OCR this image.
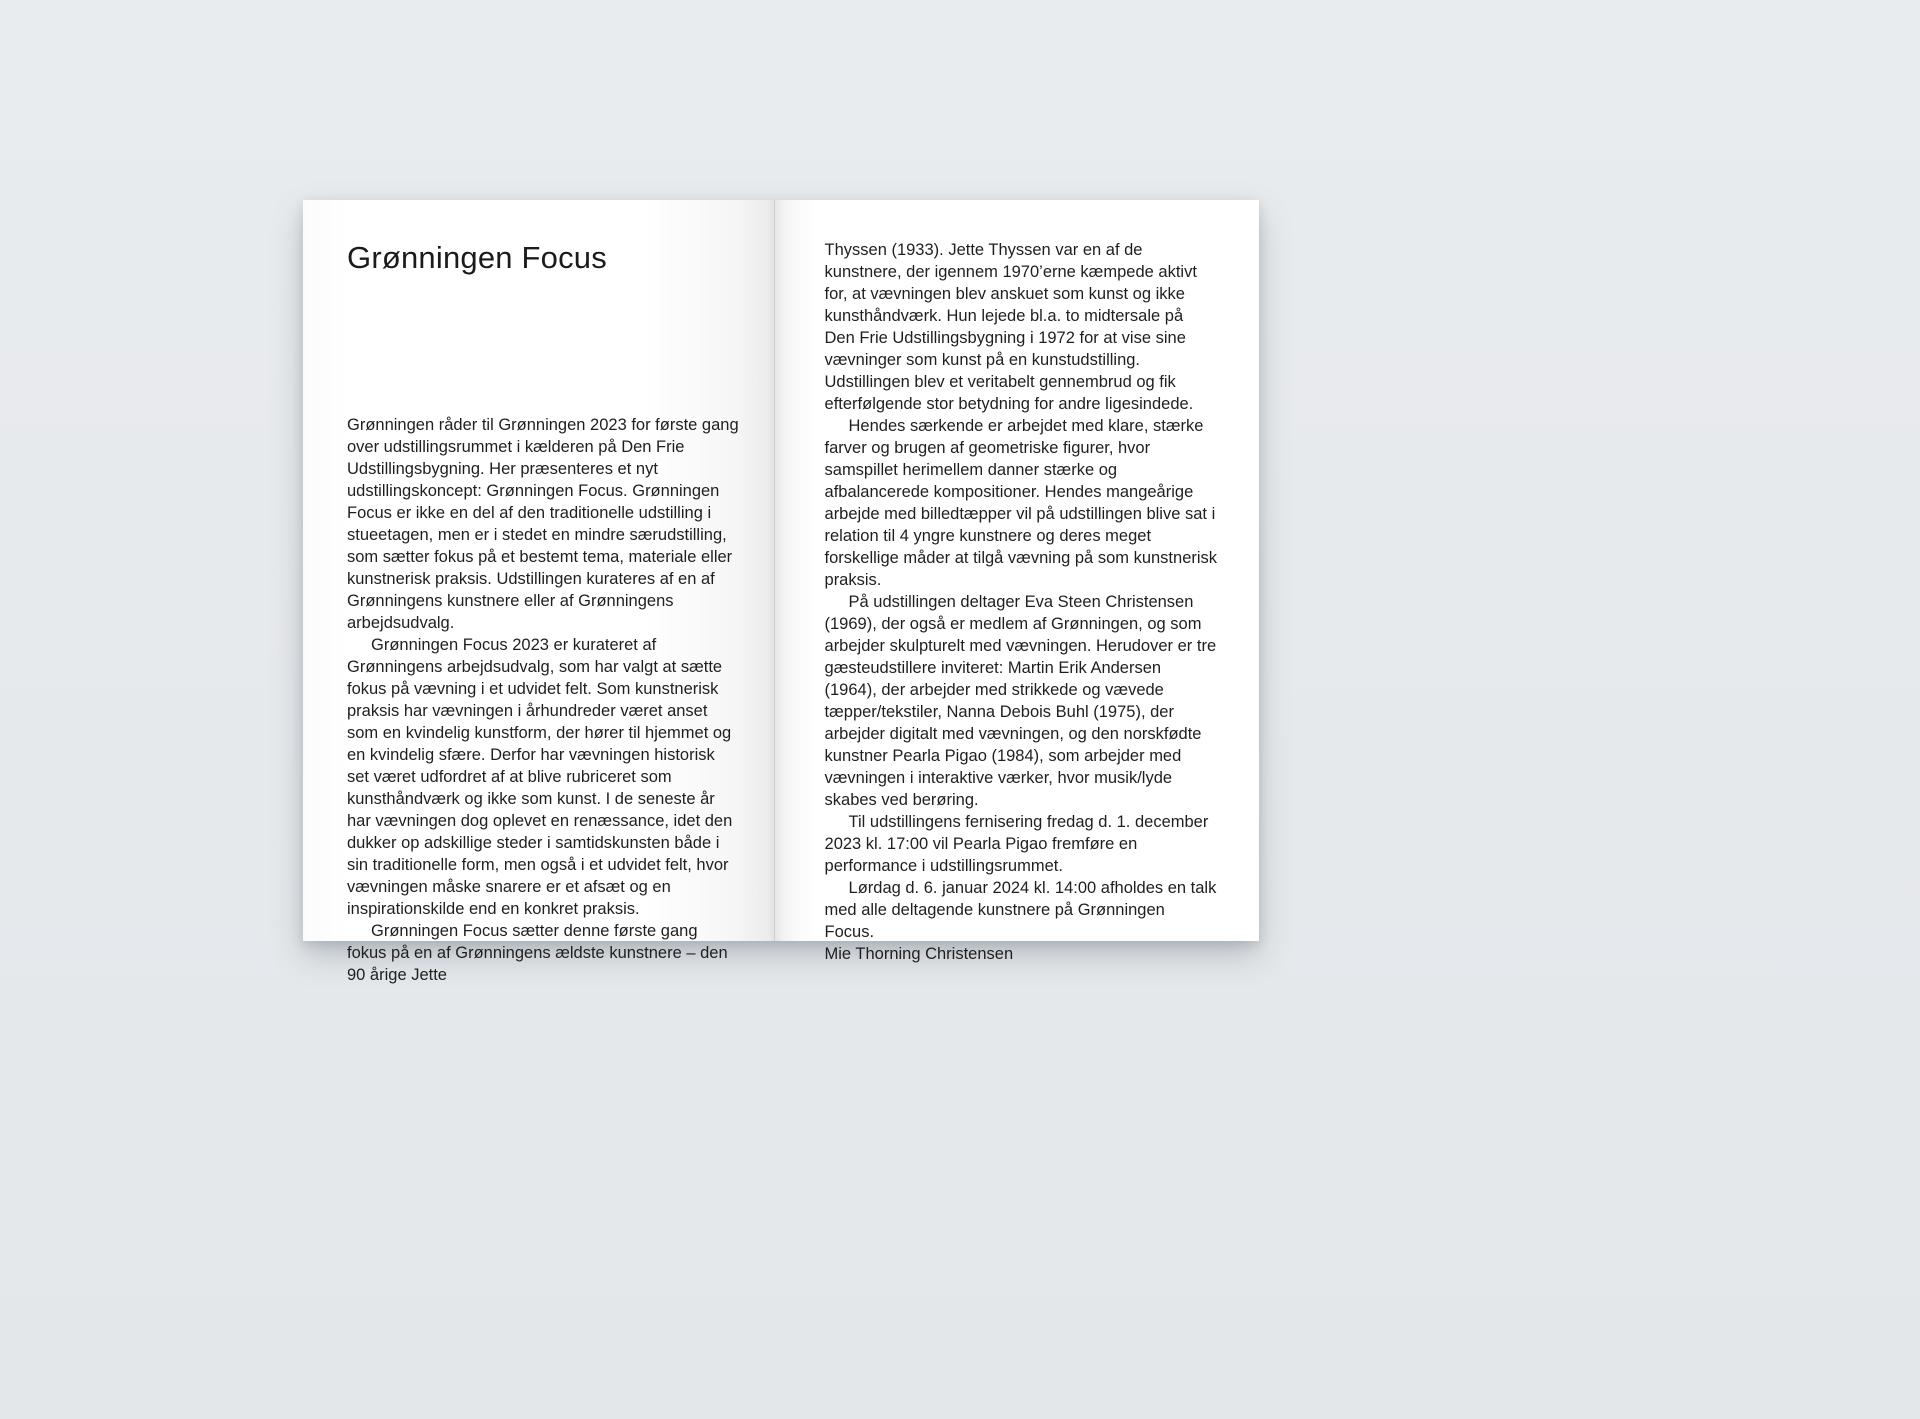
Grønningen Focus

Grønningen råder til Grønningen 2023 for første gang over udstillingsrummet i kælderen på Den Frie Udstillingsbygning. Her præsenteres et nyt udstillingskoncept: Grønningen Focus. Grønningen Focus er ikke en del af den traditionelle udstilling i stueetagen, men er i stedet en mindre særudstilling, som sætter fokus på et bestemt tema, materiale eller kunstnerisk praksis. Udstillingen kurateres af en af Grønningens kunstnere eller af Grønningens arbejdsudvalg.

Grønningen Focus 2023 er kurateret af Grønningens arbejdsudvalg, som har valgt at sætte fokus på vævning i et udvidet felt. Som kunstnerisk praksis har vævningen i århundreder været anset som en kvindelig kunstform, der hører til hjemmet og en kvindelig sfære. Derfor har vævningen historisk set været udfordret af at blive rubriceret som kunsthåndværk og ikke som kunst. I de seneste år har vævningen dog oplevet en renæssance, idet den dukker op adskillige steder i samtidskunsten både i sin traditionelle form, men også i et udvidet felt, hvor vævningen måske snarere er et afsæt og en inspirationskilde end en konkret praksis.

Grønningen Focus sætter denne første gang fokus på en af Grønningens ældste kunstnere – den 90 årige Jette

Thyssen (1933). Jette Thyssen var en af de kunstnere, der igennem 1970’erne kæmpede aktivt for, at vævningen blev anskuet som kunst og ikke kunsthåndværk. Hun lejede bl.a. to midtersale på Den Frie Udstillingsbygning i 1972 for at vise sine vævninger som kunst på en kunstudstilling. Udstillingen blev et veritabelt gennembrud og fik efterfølgende stor betydning for andre ligesindede.

Hendes særkende er arbejdet med klare, stærke farver og brugen af geometriske figurer, hvor samspillet herimellem danner stærke og afbalancerede kompositioner. Hendes mangeårige arbejde med billedtæpper vil på udstillingen blive sat i relation til 4 yngre kunstnere og deres meget forskellige måder at tilgå vævning på som kunstnerisk praksis.

På udstillingen deltager Eva Steen Christensen (1969), der også er medlem af Grønningen, og som arbejder skulpturelt med vævningen. Herudover er tre gæsteudstillere inviteret: Martin Erik Andersen (1964), der arbejder med strikkede og vævede tæpper/tekstiler, Nanna Debois Buhl (1975), der arbejder digitalt med vævningen, og den norskfødte kunstner Pearla Pigao (1984), som arbejder med vævningen i interaktive værker, hvor musik/lyde skabes ved berøring.

Til udstillingens fernisering fredag d. 1. december 2023 kl. 17:00 vil Pearla Pigao fremføre en performance i udstillingsrummet.

Lørdag d. 6. januar 2024 kl. 14:00 afholdes en talk med alle deltagende kunstnere på Grønningen Focus.

Mie Thorning Christensen
